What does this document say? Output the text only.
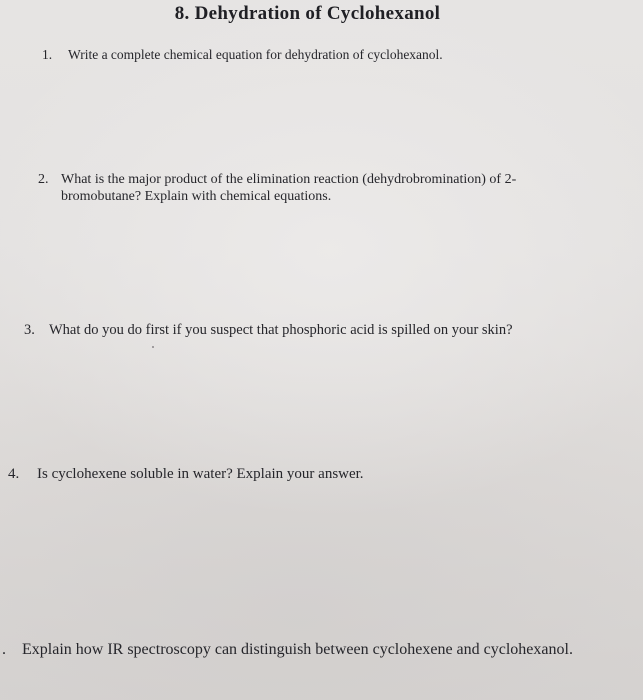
8. Dehydration of Cyclohexanol
1. Write a complete chemical equation for dehydration of cyclohexanol.
2. What is the major product of the elimination reaction (dehydrobromination) of 2-
bromobutane? Explain with chemical equations.
3. What do you do first if you suspect that phosphoric acid is spilled on your skin?
4. Is cyclohexene soluble in water? Explain your answer.
. Explain how IR spectroscopy can distinguish between cyclohexene and cyclohexanol.
